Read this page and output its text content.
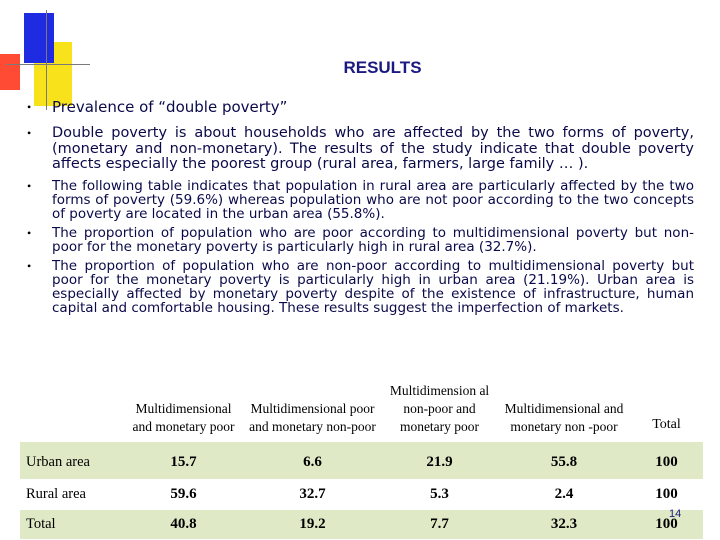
RESULTS
• Prevalence of “double poverty”
• Double poverty is about households who are affected by the two forms of poverty, (monetary and non-monetary). The results of the study indicate that double poverty affects especially the poorest group (rural area, farmers, large family … ).
• The following table indicates that population in rural area are particularly affected by the two forms of poverty (59.6%) whereas population who are not poor according to the two concepts of poverty are located in the urban area (55.8%).
• The proportion of population who are poor according to multidimensional poverty but non-poor for the monetary poverty is particularly high in rural area (32.7%).
• The proportion of population who are non-poor according to multidimensional poverty but poor for the monetary poverty is particularly high in urban area (21.19%). Urban area is especially affected by monetary poverty despite of the existence of infrastructure, human capital and comfortable housing. These results suggest the imperfection of markets.
	Multidimensional and monetary poor	Multidimensional poor and monetary non-poor	Multidimension al non-poor and monetary poor	Multidimensional and monetary non -poor	Total
Urban area	15.7	6.6	21.9	55.8	100
Rural area	59.6	32.7	5.3	2.4	100
Total	40.8	19.2	7.7	32.3	100
14
